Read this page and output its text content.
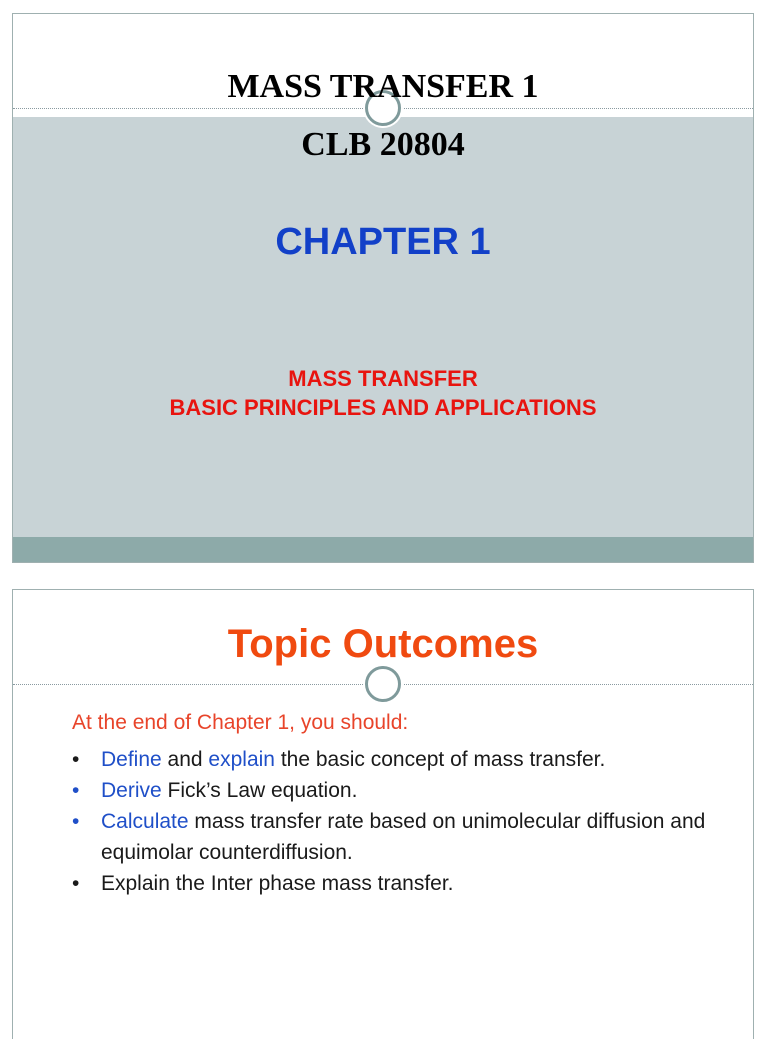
MASS TRANSFER 1
CLB 20804
CHAPTER 1

MASS TRANSFER

BASIC PRINCIPLES AND APPLICATIONS

Topic Outcomes

At the end of Chapter 1, you should:

• Define and explain the basic concept of mass transfer.
• Derive Fick’s Law equation.
• Calculate mass transfer rate based on unimolecular diffusion and equimolar counterdiffusion.
• Explain the Inter phase mass transfer.
